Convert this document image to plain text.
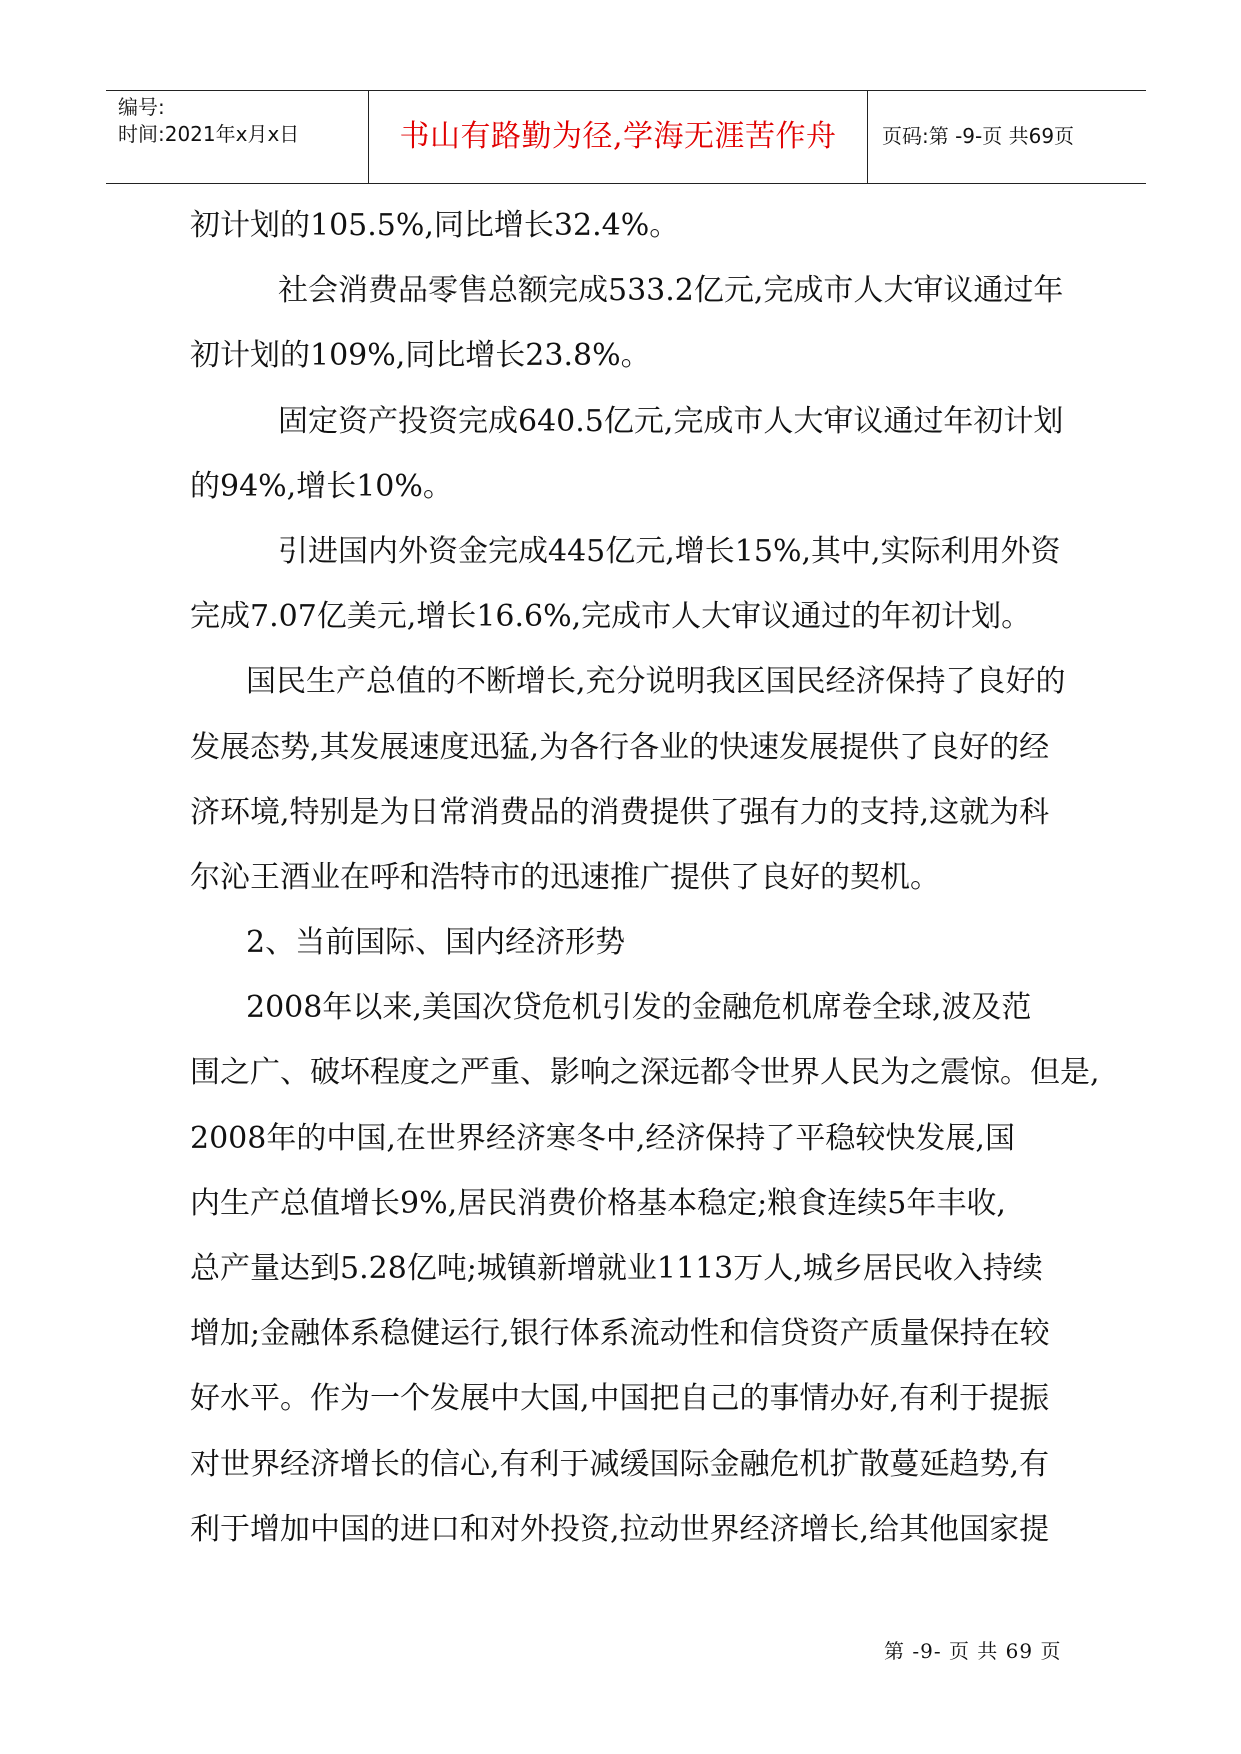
编号:
时间:2021年x月x日	书山有路勤为径,学海无涯苦作舟	页码:第 -9-页 共69页
初计划的105.5%,同比增长32.4%。
社会消费品零售总额完成533.2亿元,完成市人大审议通过年
初计划的109%,同比增长23.8%。
固定资产投资完成640.5亿元,完成市人大审议通过年初计划
的94%,增长10%。
引进国内外资金完成445亿元,增长15%,其中,实际利用外资
完成7.07亿美元,增长16.6%,完成市人大审议通过的年初计划。
国民生产总值的不断增长,充分说明我区国民经济保持了良好的
发展态势,其发展速度迅猛,为各行各业的快速发展提供了良好的经
济环境,特别是为日常消费品的消费提供了强有力的支持,这就为科
尔沁王酒业在呼和浩特市的迅速推广提供了良好的契机。
2、当前国际、国内经济形势
2008年以来,美国次贷危机引发的金融危机席卷全球,波及范
围之广、破坏程度之严重、影响之深远都令世界人民为之震惊。但是,
2008年的中国,在世界经济寒冬中,经济保持了平稳较快发展,国
内生产总值增长9%,居民消费价格基本稳定;粮食连续5年丰收,
总产量达到5.28亿吨;城镇新增就业1113万人,城乡居民收入持续
增加;金融体系稳健运行,银行体系流动性和信贷资产质量保持在较
好水平。作为一个发展中大国,中国把自己的事情办好,有利于提振
对世界经济增长的信心,有利于减缓国际金融危机扩散蔓延趋势,有
利于增加中国的进口和对外投资,拉动世界经济增长,给其他国家提
第 -9- 页 共 69 页
